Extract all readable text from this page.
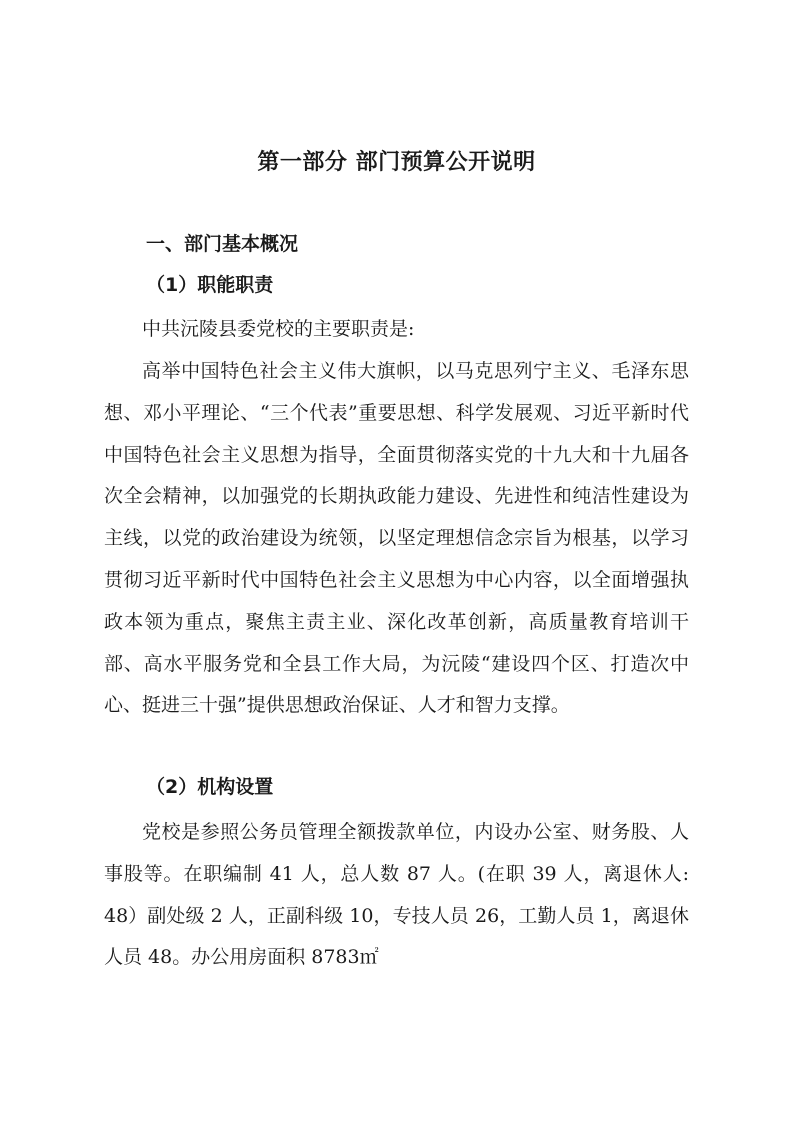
第一部分 部门预算公开说明
一、部门基本概况
（1）职能职责

中共沅陵县委党校的主要职责是:

高举中国特色社会主义伟大旗帜，以马克思列宁主义、毛泽东思想、邓小平理论、“三个代表”重要思想、科学发展观、习近平新时代中国特色社会主义思想为指导，全面贯彻落实党的十九大和十九届各次全会精神，以加强党的长期执政能力建设、先进性和纯洁性建设为主线，以党的政治建设为统领，以坚定理想信念宗旨为根基，以学习贯彻习近平新时代中国特色社会主义思想为中心内容，以全面增强执政本领为重点，聚焦主责主业、深化改革创新，高质量教育培训干部、高水平服务党和全县工作大局，为沅陵“建设四个区、打造次中心、挺进三十强”提供思想政治保证、人才和智力支撑。

（2）机构设置

党校是参照公务员管理全额拨款单位，内设办公室、财务股、人事股等。在职编制 41 人，总人数 87 人。(在职 39 人，离退休人: 48）副处级 2 人，正副科级 10，专技人员 26，工勤人员 1，离退休人员 48。办公用房面积 8783㎡
